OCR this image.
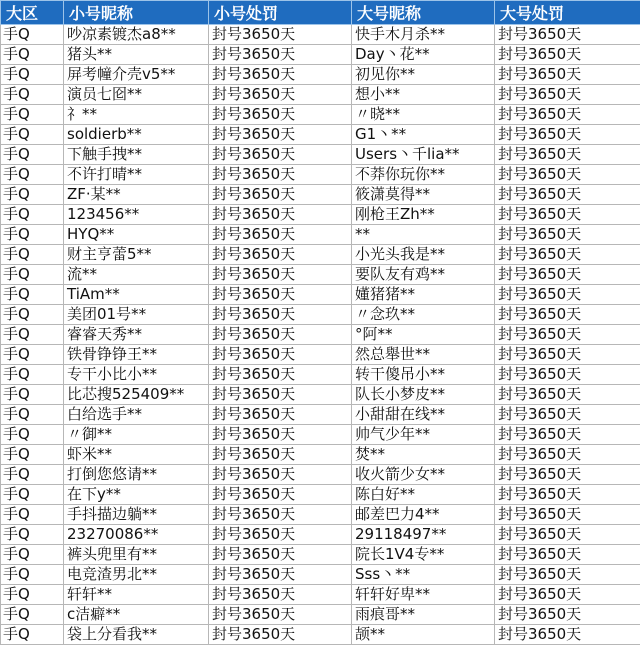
大区	小号昵称	小号处罚	大号昵称	大号处罚
手Q	吵凉素镀杰a8**	封号3650天	快手木月杀**	封号3650天
手Q	猪头**	封号3650天	Day丶花**	封号3650天
手Q	屏考幢介壳v5**	封号3650天	初见你**	封号3650天
手Q	演员七囵**	封号3650天	想小**	封号3650天
手Q	礻**	封号3650天	〃晓**	封号3650天
手Q	soldierb**	封号3650天	G1丶**	封号3650天
手Q	下触手拽**	封号3650天	Users丶千lia**	封号3650天
手Q	不许打晴**	封号3650天	不莽你玩你**	封号3650天
手Q	ZF·某**	封号3650天	筱潇莫得**	封号3650天
手Q	123456**	封号3650天	刚枪王Zh**	封号3650天
手Q	HYQ**	封号3650天	**	封号3650天
手Q	财主亨蕾5**	封号3650天	小光头我是**	封号3650天
手Q	流**	封号3650天	要队友有鸡**	封号3650天
手Q	TiAm**	封号3650天	嬞猪猪**	封号3650天
手Q	美团01号**	封号3650天	〃念玖**	封号3650天
手Q	睿睿天秀**	封号3650天	°阿**	封号3650天
手Q	铁骨铮铮王**	封号3650天	然总舉世**	封号3650天
手Q	专干小比小**	封号3650天	转干傻吊小**	封号3650天
手Q	比芯搜525409**	封号3650天	队长小梦皮**	封号3650天
手Q	白给选手**	封号3650天	小甜甜在线**	封号3650天
手Q	〃御**	封号3650天	帅气少年**	封号3650天
手Q	虾米**	封号3650天	焚**	封号3650天
手Q	打倒您悠请**	封号3650天	收火箭少女**	封号3650天
手Q	在下y**	封号3650天	陈白好**	封号3650天
手Q	手抖描边躺**	封号3650天	邮差巴力4**	封号3650天
手Q	23270086**	封号3650天	29118497**	封号3650天
手Q	裤头兜里有**	封号3650天	院长1V4专**	封号3650天
手Q	电竞渣男北**	封号3650天	Sss丶**	封号3650天
手Q	轩轩**	封号3650天	轩轩好卑**	封号3650天
手Q	c洁癖**	封号3650天	雨痕哥**	封号3650天
手Q	袋上分看我**	封号3650天	颉**	封号3650天
